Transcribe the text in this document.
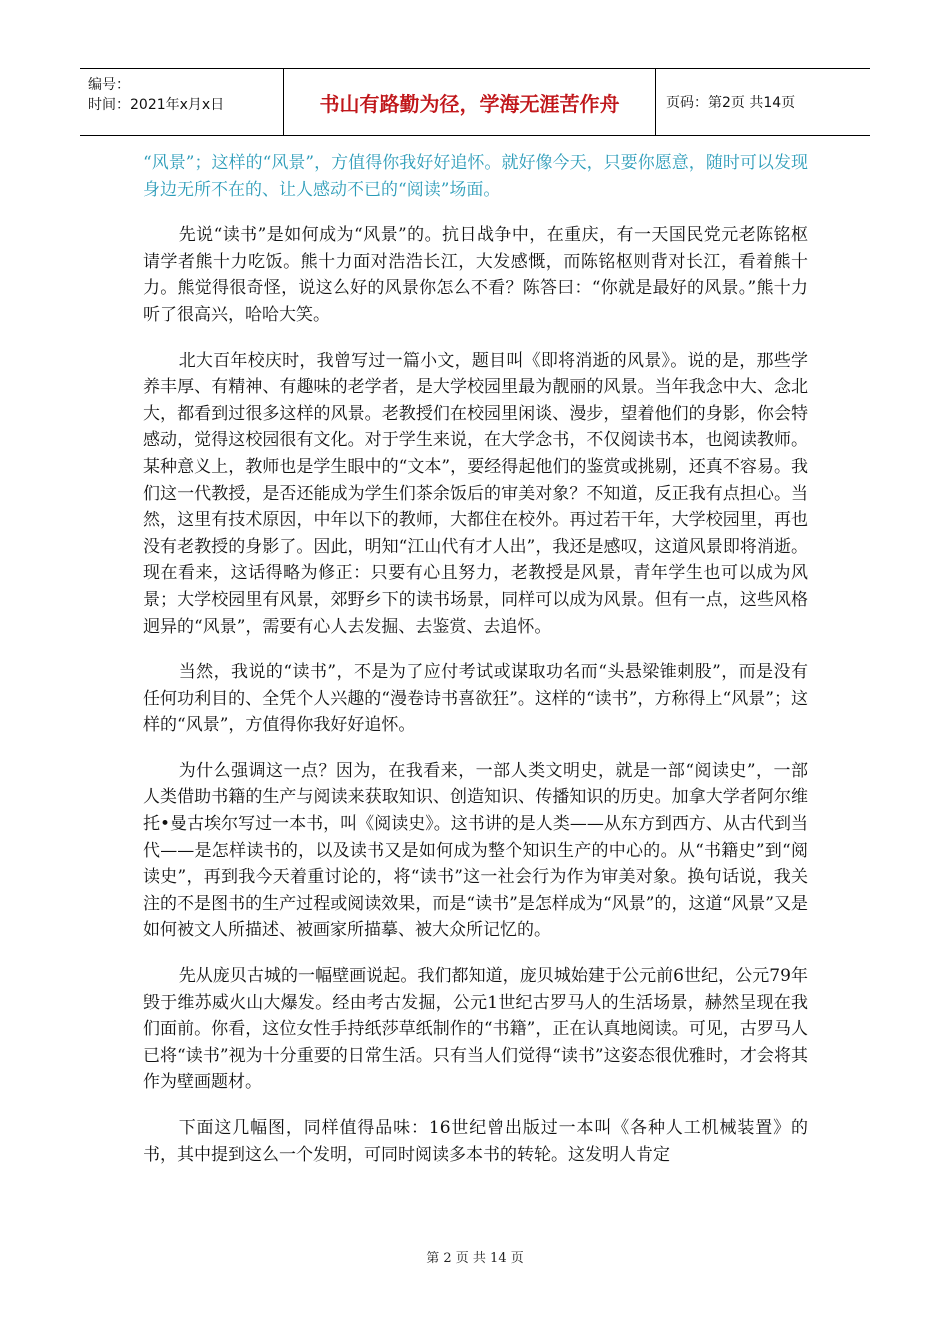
编号：
时间：2021年x月x日	书山有路勤为径，学海无涯苦作舟	页码：第2页 共14页

“风景”；这样的“风景”，方值得你我好好追怀。就好像今天，只要你愿意，随时可以发现身边无所不在的、让人感动不已的“阅读”场面。

先说“读书”是如何成为“风景”的。抗日战争中，在重庆，有一天国民党元老陈铭枢请学者熊十力吃饭。熊十力面对浩浩长江，大发感慨，而陈铭枢则背对长江，看着熊十力。熊觉得很奇怪，说这么好的风景你怎么不看？陈答曰：“你就是最好的风景。”熊十力听了很高兴，哈哈大笑。

北大百年校庆时，我曾写过一篇小文，题目叫《即将消逝的风景》。说的是，那些学养丰厚、有精神、有趣味的老学者，是大学校园里最为靓丽的风景。当年我念中大、念北大，都看到过很多这样的风景。老教授们在校园里闲谈、漫步，望着他们的身影，你会特感动，觉得这校园很有文化。对于学生来说，在大学念书，不仅阅读书本，也阅读教师。某种意义上，教师也是学生眼中的“文本”，要经得起他们的鉴赏或挑剔，还真不容易。我们这一代教授，是否还能成为学生们茶余饭后的审美对象？不知道，反正我有点担心。当然，这里有技术原因，中年以下的教师，大都住在校外。再过若干年，大学校园里，再也没有老教授的身影了。因此，明知“江山代有才人出”，我还是感叹，这道风景即将消逝。现在看来，这话得略为修正：只要有心且努力，老教授是风景，青年学生也可以成为风景；大学校园里有风景，郊野乡下的读书场景，同样可以成为风景。但有一点，这些风格迥异的“风景”，需要有心人去发掘、去鉴赏、去追怀。

当然，我说的“读书”，不是为了应付考试或谋取功名而“头悬梁锥刺股”，而是没有任何功利目的、全凭个人兴趣的“漫卷诗书喜欲狂”。这样的“读书”，方称得上“风景”；这样的“风景”，方值得你我好好追怀。

为什么强调这一点？因为，在我看来，一部人类文明史，就是一部“阅读史”，一部人类借助书籍的生产与阅读来获取知识、创造知识、传播知识的历史。加拿大学者阿尔维托•曼古埃尔写过一本书，叫《阅读史》。这书讲的是人类——从东方到西方、从古代到当代——是怎样读书的，以及读书又是如何成为整个知识生产的中心的。从“书籍史”到“阅读史”，再到我今天着重讨论的，将“读书”这一社会行为作为审美对象。换句话说，我关注的不是图书的生产过程或阅读效果，而是“读书”是怎样成为“风景”的，这道“风景”又是如何被文人所描述、被画家所描摹、被大众所记忆的。

先从庞贝古城的一幅壁画说起。我们都知道，庞贝城始建于公元前6世纪，公元79年毁于维苏威火山大爆发。经由考古发掘，公元1世纪古罗马人的生活场景，赫然呈现在我们面前。你看，这位女性手持纸莎草纸制作的“书籍”，正在认真地阅读。可见，古罗马人已将“读书”视为十分重要的日常生活。只有当人们觉得“读书”这姿态很优雅时，才会将其作为壁画题材。

下面这几幅图，同样值得品味：16世纪曾出版过一本叫《各种人工机械装置》的书，其中提到这么一个发明，可同时阅读多本书的转轮。这发明人肯定

第 2 页 共 14 页
